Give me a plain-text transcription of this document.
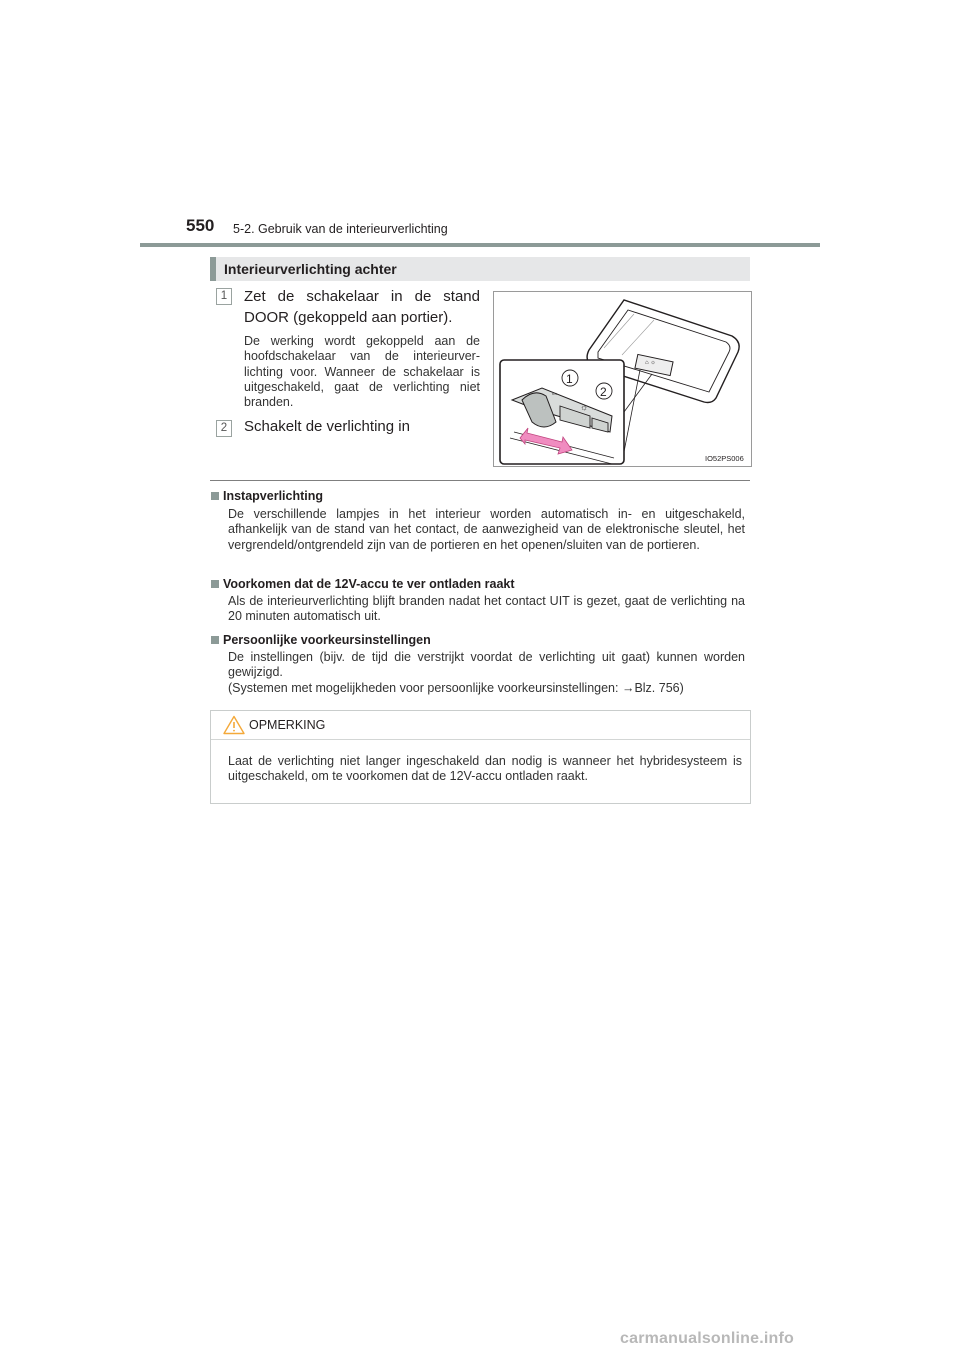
550 5-2. Gebruik van de interieurverlichting
Interieurverlichting achter
1	Zet de schakelaar in de stand DOOR (gekoppeld aan portier).
De werking wordt gekoppeld aan de hoofdschakelaar van de interieurverlichting voor. Wanneer de schakelaar is uitgeschakeld, gaat de verlichting niet branden.
2	Schakelt de verlichting in
⌂ ☼
⇔
☼
1
2
IO52PS006
Instapverlichting
De verschillende lampjes in het interieur worden automatisch in- en uitgeschakeld, afhankelijk van de stand van het contact, de aanwezigheid van de elektronische sleutel, het vergrendeld/ontgrendeld zijn van de portieren en het openen/sluiten van de portieren.
Voorkomen dat de 12V-accu te ver ontladen raakt
Als de interieurverlichting blijft branden nadat het contact UIT is gezet, gaat de verlichting na 20 minuten automatisch uit.
Persoonlijke voorkeursinstellingen
De instellingen (bijv. de tijd die verstrijkt voordat de verlichting uit gaat) kunnen worden gewijzigd.
(Systemen met mogelijkheden voor persoonlijke voorkeursinstellingen: →Blz. 756)
OPMERKING
Laat de verlichting niet langer ingeschakeld dan nodig is wanneer het hybridesysteem is uitgeschakeld, om te voorkomen dat de 12V-accu ontladen raakt.
carmanualsonline.info
